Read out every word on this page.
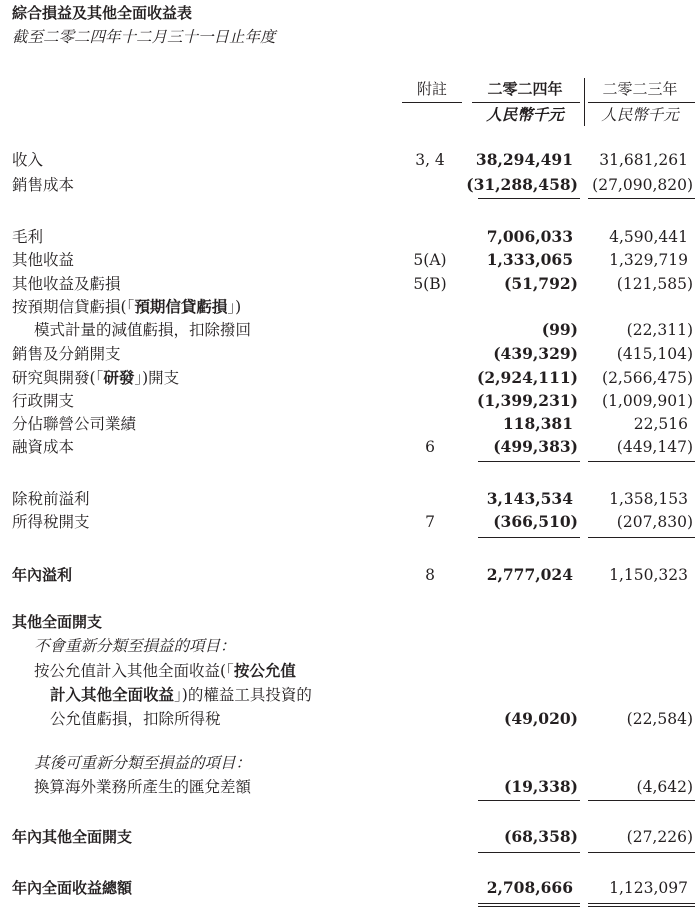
綜合損益及其他全面收益表
截至二零二四年十二月三十一日止年度
附註	二零二四年	二零二三年
人民幣千元	人民幣千元
收入	3, 4	38,294,491	31,681,261
銷售成本	(31,288,458) (27,090,820)
毛利	7,006,033	4,590,441
其他收益	5(A)	1,333,065	1,329,719
其他收益及虧損	5(B)	(51,792)	(121,585)
按預期信貸虧損(「預期信貸虧損」)
模式計量的減值虧損，扣除撥回	(99)	(22,311)
銷售及分銷開支	(439,329)	(415,104)
研究與開發(「研發」)開支	(2,924,111)	(2,566,475)
行政開支	(1,399,231)	(1,009,901)
分佔聯營公司業績	118,381	22,516
融資成本	6	(499,383)	(449,147)
除稅前溢利	3,143,534	1,358,153
所得稅開支	7	(366,510)	(207,830)
年內溢利	8	2,777,024	1,150,323
其他全面開支
不會重新分類至損益的項目：
按公允值計入其他全面收益(「按公允值
計入其他全面收益」)的權益工具投資的
公允值虧損，扣除所得稅	(49,020)	(22,584)
其後可重新分類至損益的項目：
換算海外業務所產生的匯兌差額	(19,338)	(4,642)
年內其他全面開支	(68,358)	(27,226)
年內全面收益總額	2,708,666	1,123,097
